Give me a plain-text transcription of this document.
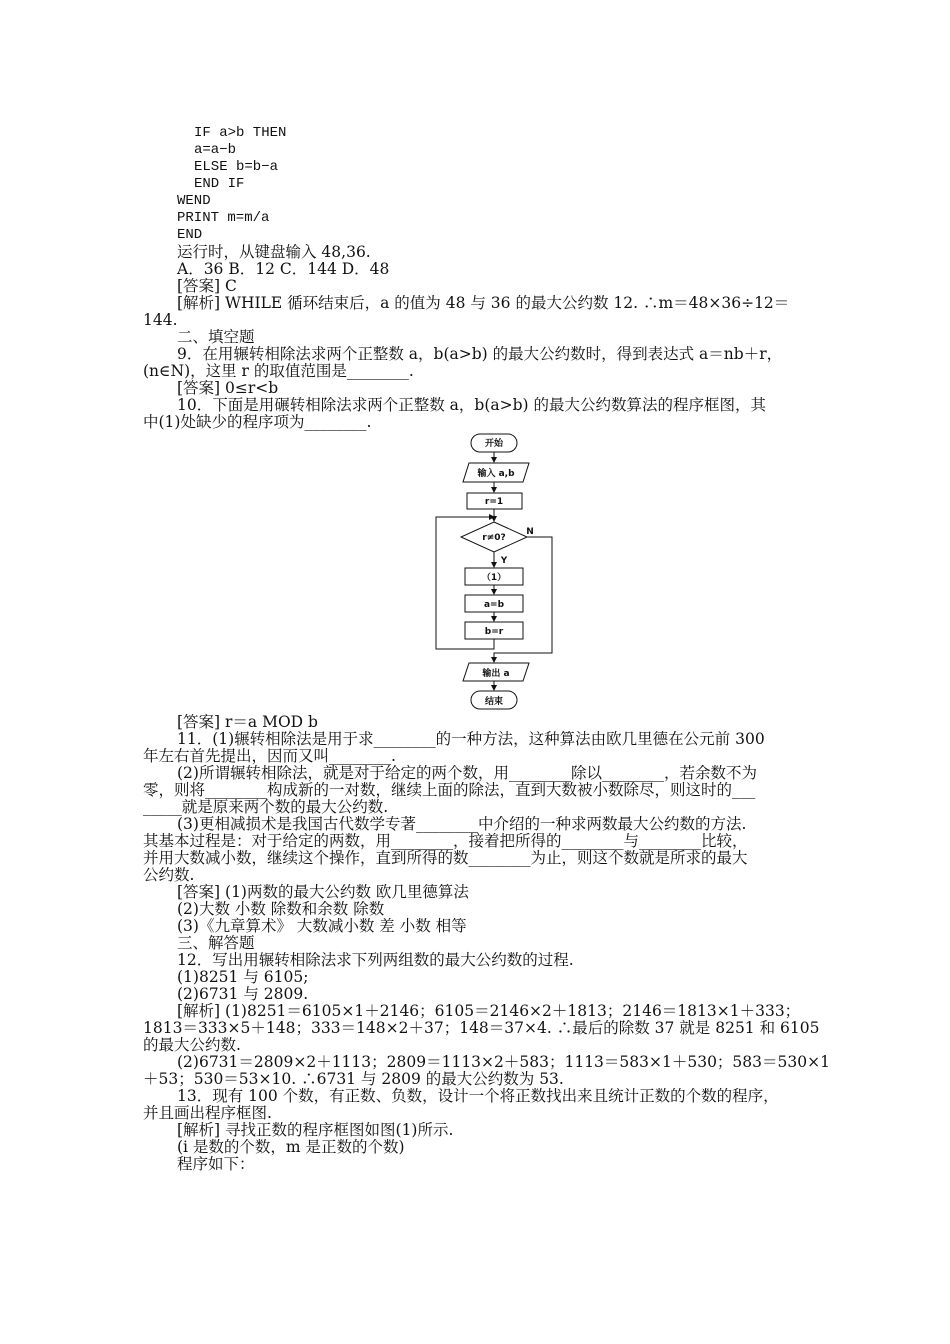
IF a>b THEN
a=a−b
ELSE b=b−a
END IF
WEND
PRINT m=m/a
END
运行时，从键盘输入 48,36.
A．36 B．12 C．144 D．48
[答案] C
[解析] WHILE 循环结束后，a 的值为 48 与 36 的最大公约数 12. ∴m＝48×36÷12＝
144.
二、填空题
9．在用辗转相除法求两个正整数 a，b(a>b) 的最大公约数时，得到表达式 a＝nb＋r，
(n∈N)，这里 r 的取值范围是________.
[答案] 0≤r<b
10．下面是用碾转相除法求两个正整数 a，b(a>b) 的最大公约数算法的程序框图，其
中(1)处缺少的程序项为________.
开始
输入 a,b
r=1
r≠0?
N
Y
（1）
a=b
b=r
输出 a
结束
[答案] r＝a MOD b
11．(1)辗转相除法是用于求________的一种方法，这种算法由欧几里德在公元前 300
年左右首先提出，因而又叫________.
(2)所谓辗转相除法，就是对于给定的两个数，用________除以________，若余数不为
零，则将________构成新的一对数，继续上面的除法，直到大数被小数除尽，则这时的___
_____就是原来两个数的最大公约数.
(3)更相减损术是我国古代数学专著________中介绍的一种求两数最大公约数的方法.
其基本过程是：对于给定的两数，用________，接着把所得的________与________比较，
并用大数减小数，继续这个操作，直到所得的数________为止，则这个数就是所求的最大
公约数.
[答案] (1)两数的最大公约数 欧几里德算法
(2)大数 小数 除数和余数 除数
(3)《九章算术》 大数减小数 差 小数 相等
三、解答题
12．写出用辗转相除法求下列两组数的最大公约数的过程.
(1)8251 与 6105;
(2)6731 与 2809.
[解析] (1)8251＝6105×1＋2146；6105＝2146×2＋1813；2146＝1813×1＋333；
1813＝333×5＋148；333＝148×2＋37；148＝37×4. ∴最后的除数 37 就是 8251 和 6105
的最大公约数.
(2)6731＝2809×2＋1113；2809＝1113×2＋583；1113＝583×1＋530；583＝530×1
＋53；530＝53×10. ∴6731 与 2809 的最大公约数为 53.
13．现有 100 个数，有正数、负数，设计一个将正数找出来且统计正数的个数的程序，
并且画出程序框图.
[解析] 寻找正数的程序框图如图(1)所示.
(i 是数的个数，m 是正数的个数)
程序如下：
